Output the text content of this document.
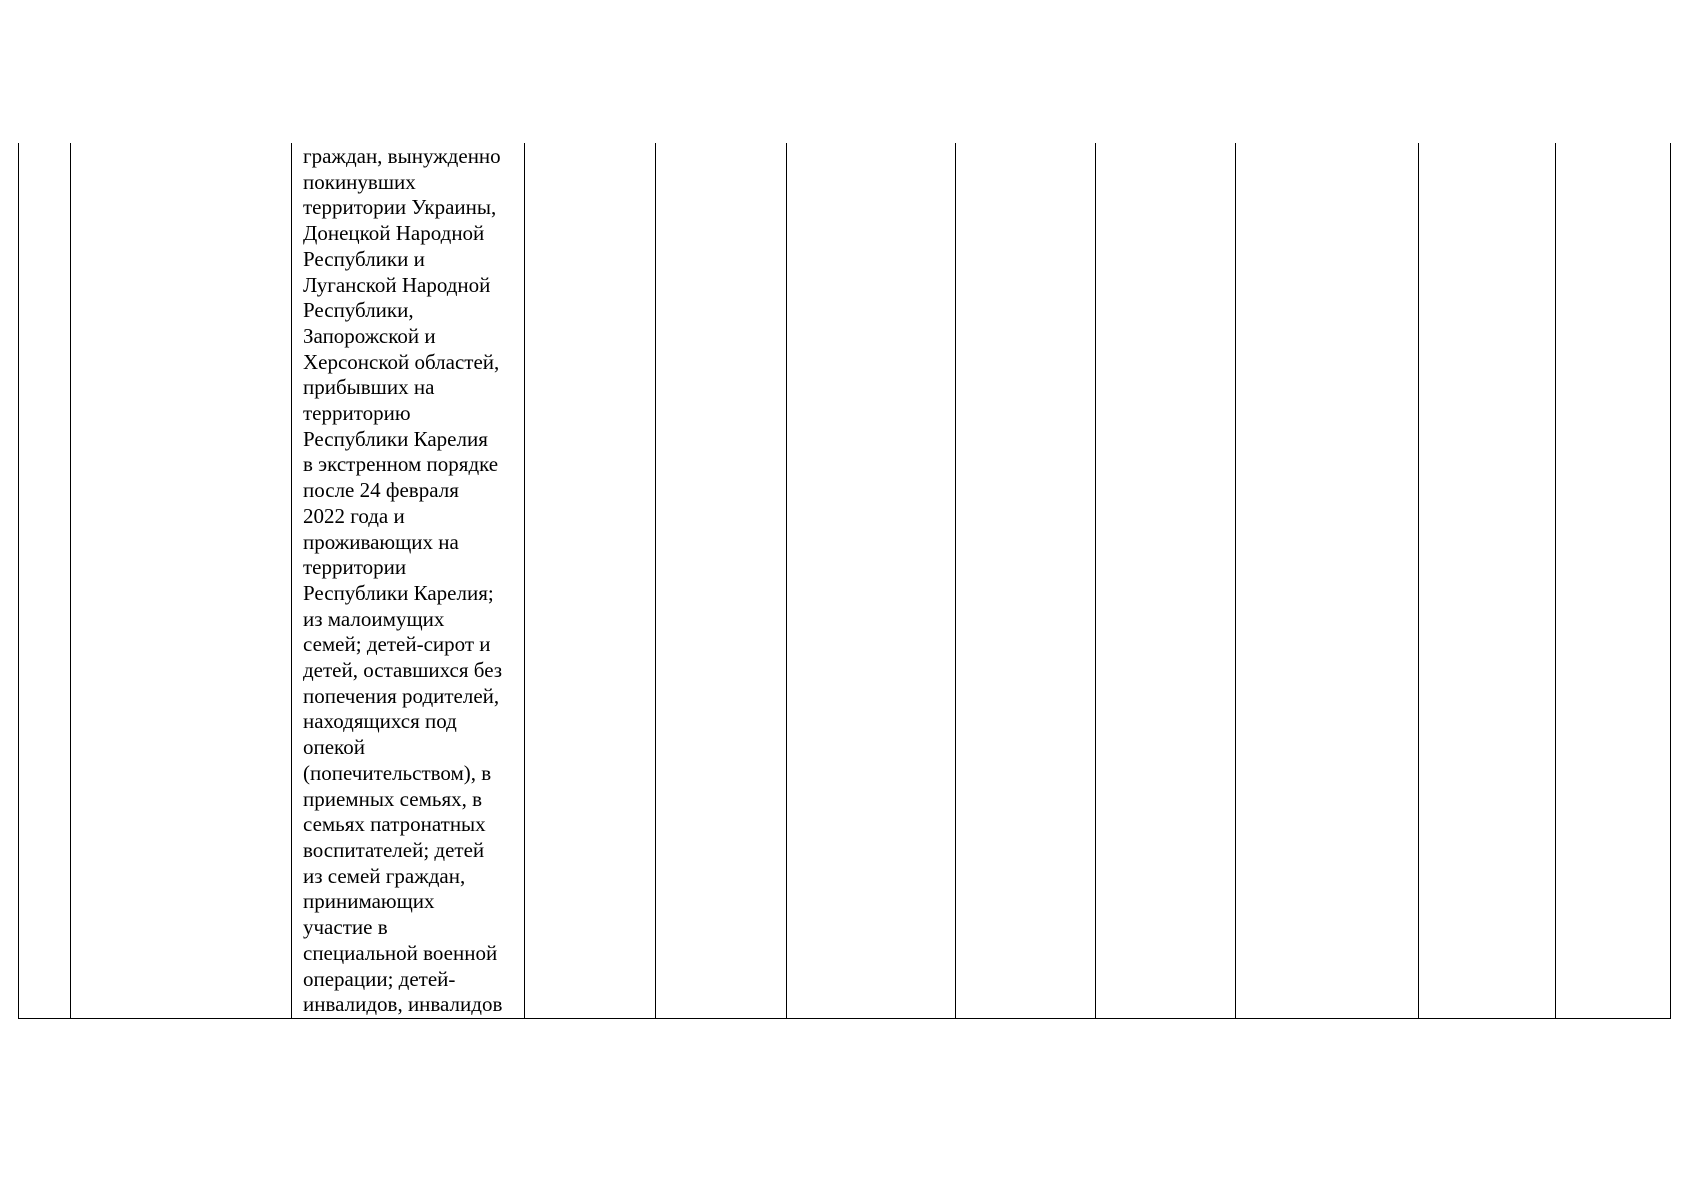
		граждан, вынужденно
покинувших
территории Украины,
Донецкой Народной
Республики и
Луганской Народной
Республики,
Запорожской и
Херсонской областей,
прибывших на
территорию
Республики Карелия
в экстренном порядке
после 24 февраля
2022 года и
проживающих на
территории
Республики Карелия;
из малоимущих
семей; детей-сирот и
детей, оставшихся без
попечения родителей,
находящихся под
опекой
(попечительством), в
приемных семьях, в
семьях патронатных
воспитателей; детей
из семей граждан,
принимающих
участие в
специальной военной
операции; детей-
инвалидов, инвалидов								
